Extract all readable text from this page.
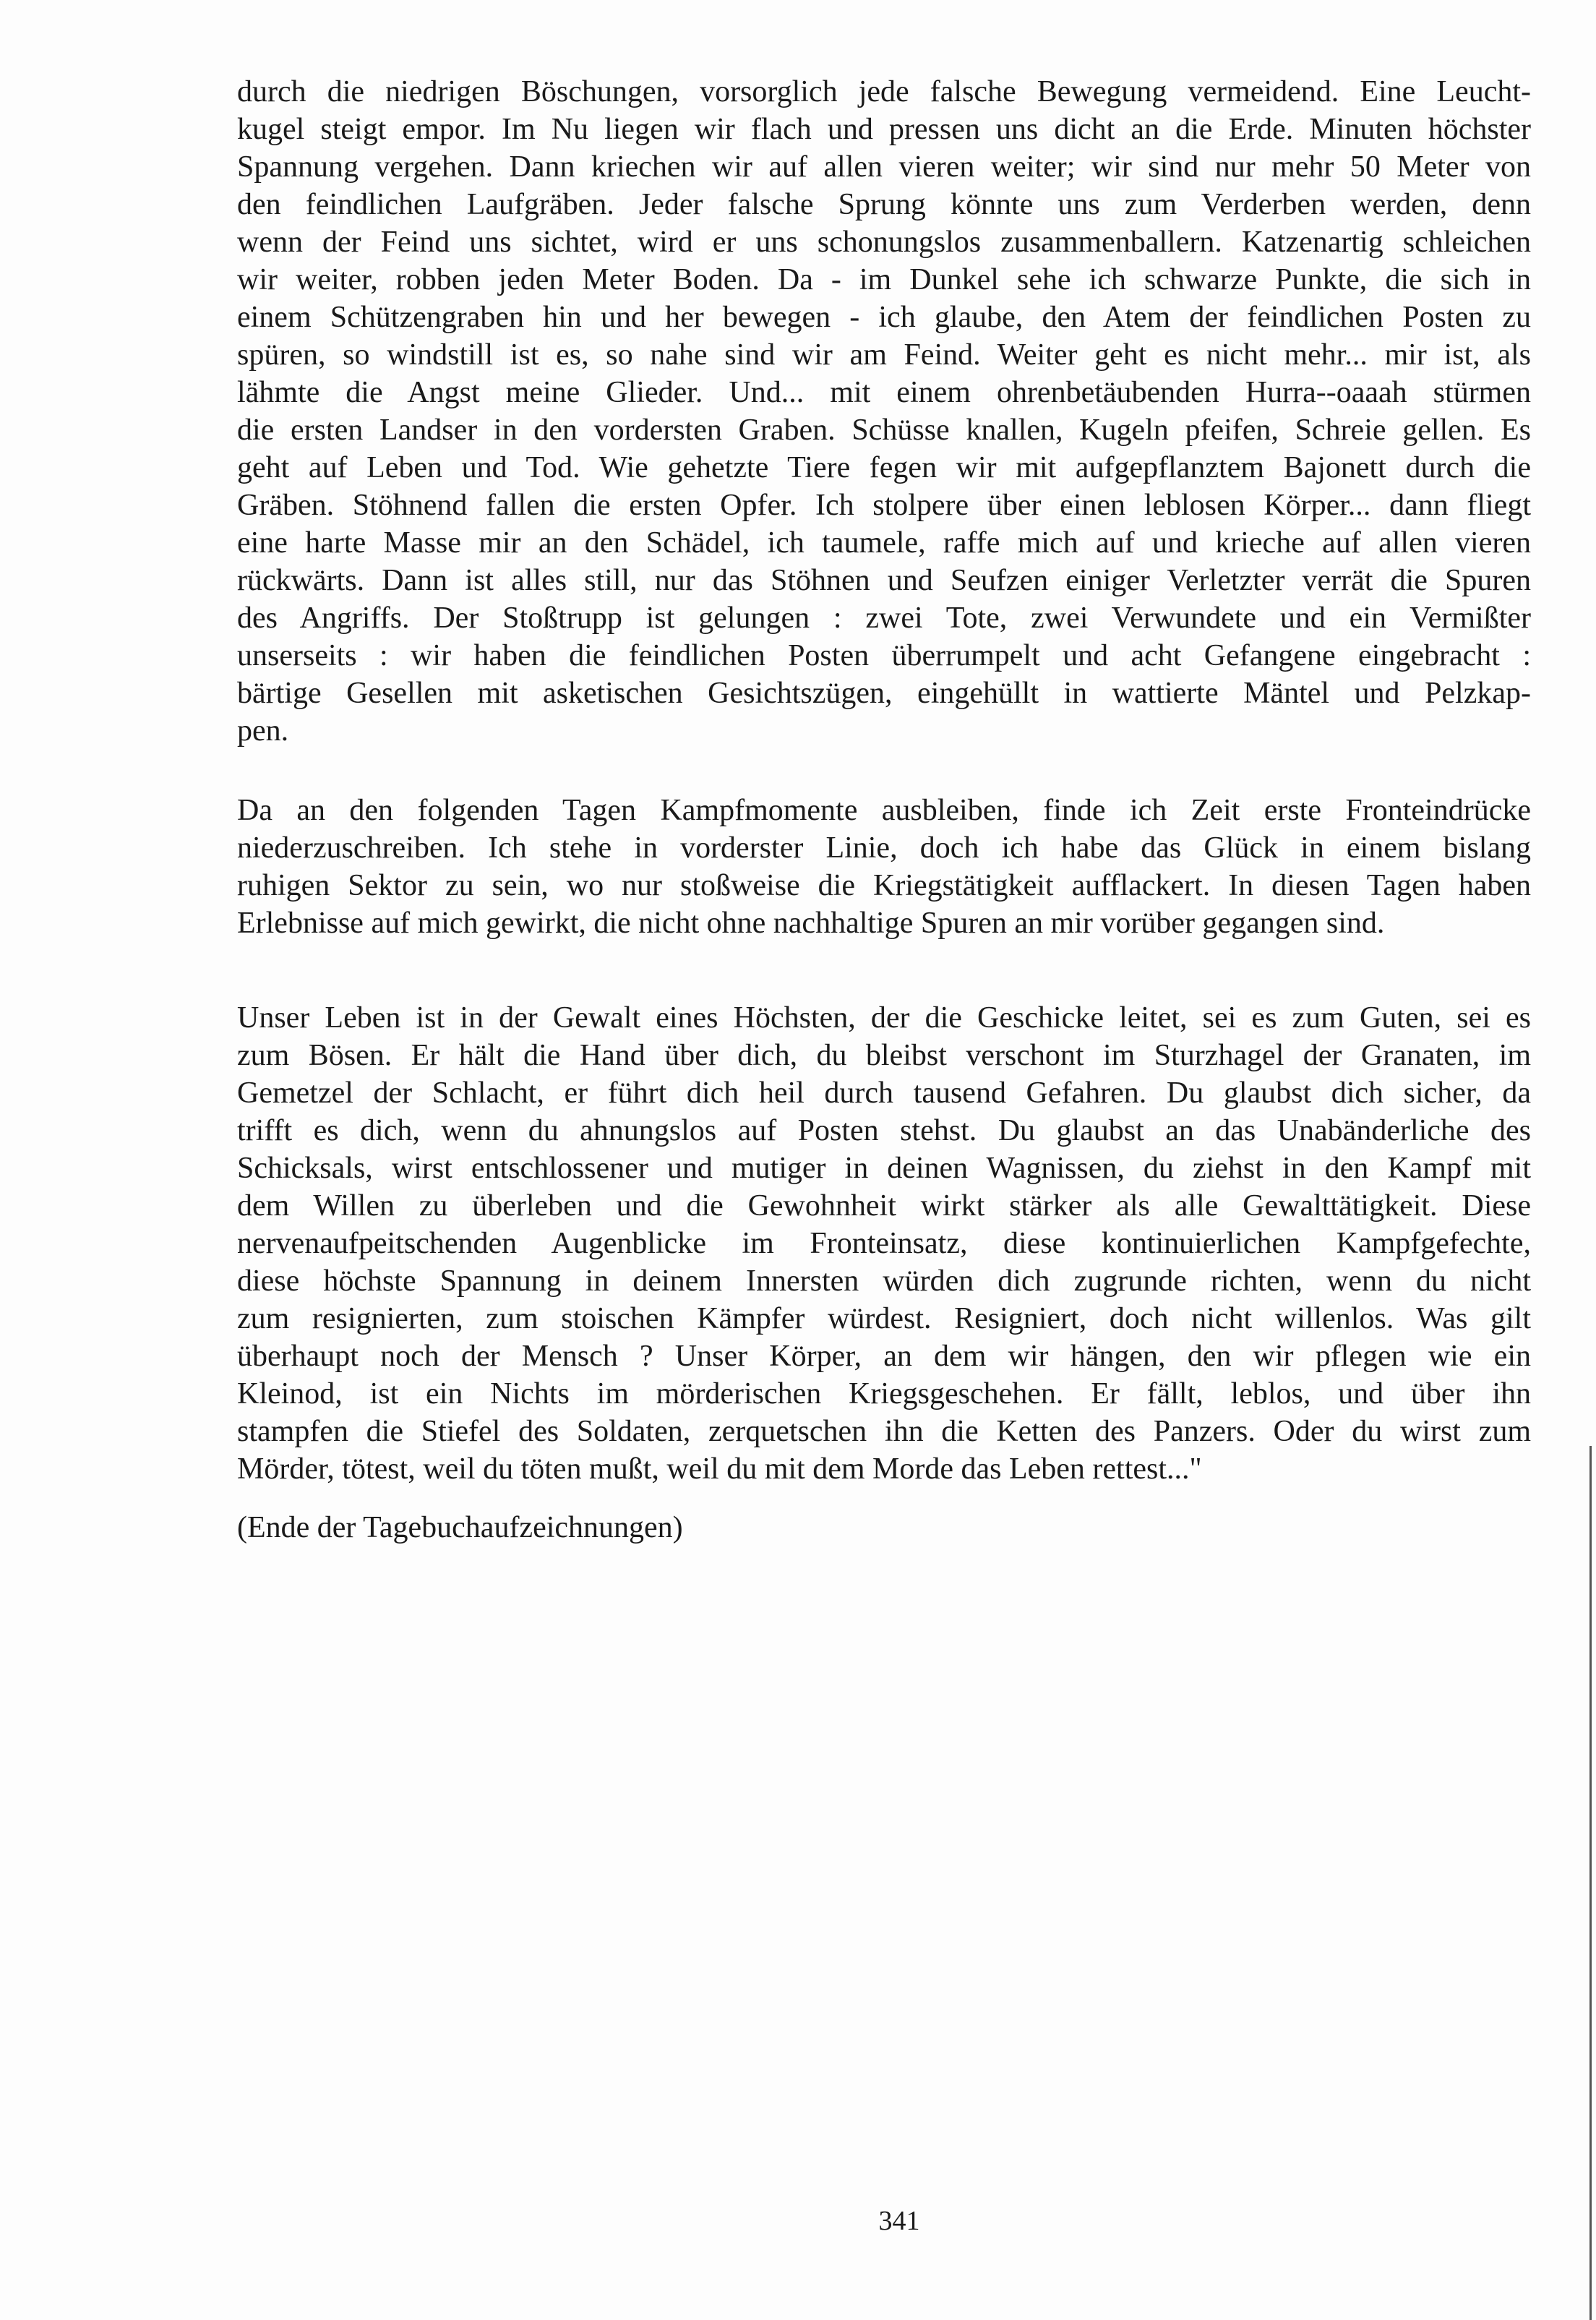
durch die niedrigen Böschungen, vorsorglich jede falsche Bewegung vermeidend. Eine Leucht-
kugel steigt empor. Im Nu liegen wir flach und pressen uns dicht an die Erde. Minuten höchster
Spannung vergehen. Dann kriechen wir auf allen vieren weiter; wir sind nur mehr 50 Meter von
den feindlichen Laufgräben. Jeder falsche Sprung könnte uns zum Verderben werden, denn
wenn der Feind uns sichtet, wird er uns schonungslos zusammenballern. Katzenartig schleichen
wir weiter, robben jeden Meter Boden. Da - im Dunkel sehe ich schwarze Punkte, die sich in
einem Schützengraben hin und her bewegen - ich glaube, den Atem der feindlichen Posten zu
spüren, so windstill ist es, so nahe sind wir am Feind. Weiter geht es nicht mehr... mir ist, als
lähmte die Angst meine Glieder. Und... mit einem ohrenbetäubenden Hurra--oaaah stürmen
die ersten Landser in den vordersten Graben. Schüsse knallen, Kugeln pfeifen, Schreie gellen. Es
geht auf Leben und Tod. Wie gehetzte Tiere fegen wir mit aufgepflanztem Bajonett durch die
Gräben. Stöhnend fallen die ersten Opfer. Ich stolpere über einen leblosen Körper... dann fliegt
eine harte Masse mir an den Schädel, ich taumele, raffe mich auf und krieche auf allen vieren
rückwärts. Dann ist alles still, nur das Stöhnen und Seufzen einiger Verletzter verrät die Spuren
des Angriffs. Der Stoßtrupp ist gelungen : zwei Tote, zwei Verwundete und ein Vermißter
unserseits : wir haben die feindlichen Posten überrumpelt und acht Gefangene eingebracht :
bärtige Gesellen mit asketischen Gesichtszügen, eingehüllt in wattierte Mäntel und Pelzkap-
pen.
Da an den folgenden Tagen Kampfmomente ausbleiben, finde ich Zeit erste Fronteindrücke
niederzuschreiben. Ich stehe in vorderster Linie, doch ich habe das Glück in einem bislang
ruhigen Sektor zu sein, wo nur stoßweise die Kriegstätigkeit aufflackert. In diesen Tagen haben
Erlebnisse auf mich gewirkt, die nicht ohne nachhaltige Spuren an mir vorüber gegangen sind.
Unser Leben ist in der Gewalt eines Höchsten, der die Geschicke leitet, sei es zum Guten, sei es
zum Bösen. Er hält die Hand über dich, du bleibst verschont im Sturzhagel der Granaten, im
Gemetzel der Schlacht, er führt dich heil durch tausend Gefahren. Du glaubst dich sicher, da
trifft es dich, wenn du ahnungslos auf Posten stehst. Du glaubst an das Unabänderliche des
Schicksals, wirst entschlossener und mutiger in deinen Wagnissen, du ziehst in den Kampf mit
dem Willen zu überleben und die Gewohnheit wirkt stärker als alle Gewalttätigkeit. Diese
nervenaufpeitschenden Augenblicke im Fronteinsatz, diese kontinuierlichen Kampfgefechte,
diese höchste Spannung in deinem Innersten würden dich zugrunde richten, wenn du nicht
zum resignierten, zum stoischen Kämpfer würdest. Resigniert, doch nicht willenlos. Was gilt
überhaupt noch der Mensch ? Unser Körper, an dem wir hängen, den wir pflegen wie ein
Kleinod, ist ein Nichts im mörderischen Kriegsgeschehen. Er fällt, leblos, und über ihn
stampfen die Stiefel des Soldaten, zerquetschen ihn die Ketten des Panzers. Oder du wirst zum
Mörder, tötest, weil du töten mußt, weil du mit dem Morde das Leben rettest..."
(Ende der Tagebuchaufzeichnungen)
341
